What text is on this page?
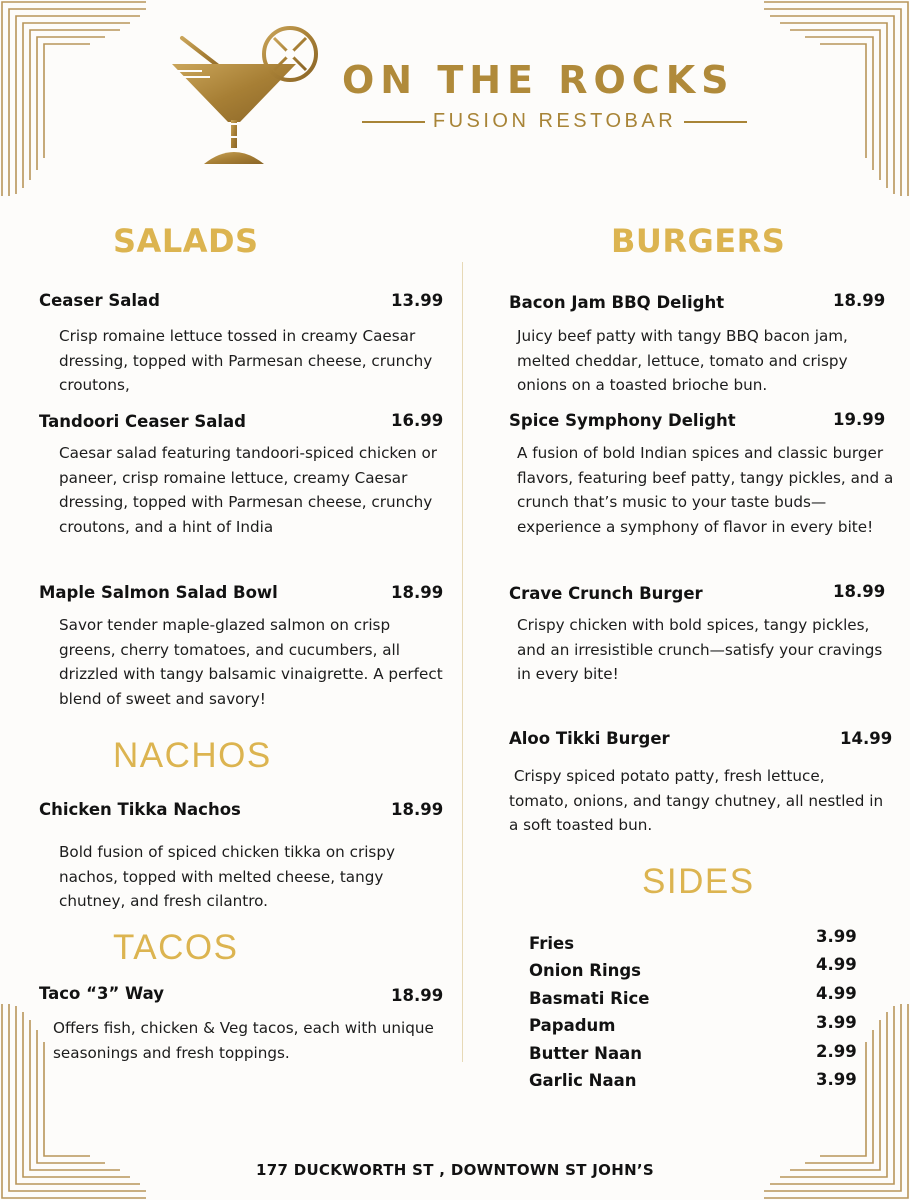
ON THE ROCKS
FUSION RESTOBAR
SALADS
Ceaser Salad	13.99
Crisp romaine lettuce tossed in creamy Caesar dressing, topped with Parmesan cheese, crunchy croutons,
Tandoori Ceaser Salad	16.99
Caesar salad featuring tandoori-spiced chicken or paneer, crisp romaine lettuce, creamy Caesar dressing, topped with Parmesan cheese, crunchy croutons, and a hint of India
Maple Salmon Salad Bowl	18.99
Savor tender maple-glazed salmon on crisp greens, cherry tomatoes, and cucumbers, all drizzled with tangy balsamic vinaigrette. A perfect blend of sweet and savory!
NACHOS
Chicken Tikka Nachos	18.99
Bold fusion of spiced chicken tikka on crispy nachos, topped with melted cheese, tangy chutney, and fresh cilantro.
TACOS
Taco “3” Way	18.99
Offers fish, chicken & Veg tacos, each with unique seasonings and fresh toppings.
BURGERS
Bacon Jam BBQ Delight	18.99
Juicy beef patty with tangy BBQ bacon jam, melted cheddar, lettuce, tomato and crispy onions on a toasted brioche bun.
Spice Symphony Delight	19.99
A fusion of bold Indian spices and classic burger flavors, featuring beef patty, tangy pickles, and a crunch that’s music to your taste buds—experience a symphony of flavor in every bite!
Crave Crunch Burger	18.99
Crispy chicken with bold spices, tangy pickles, and an irresistible crunch—satisfy your cravings in every bite!
Aloo Tikki Burger	14.99
Crispy spiced potato patty, fresh lettuce, tomato, onions, and tangy chutney, all nestled in a soft toasted bun.
SIDES
Fries	3.99
Onion Rings	4.99
Basmati Rice	4.99
Papadum	3.99
Butter Naan	2.99
Garlic Naan	3.99
177 DUCKWORTH ST , DOWNTOWN ST JOHN’S
